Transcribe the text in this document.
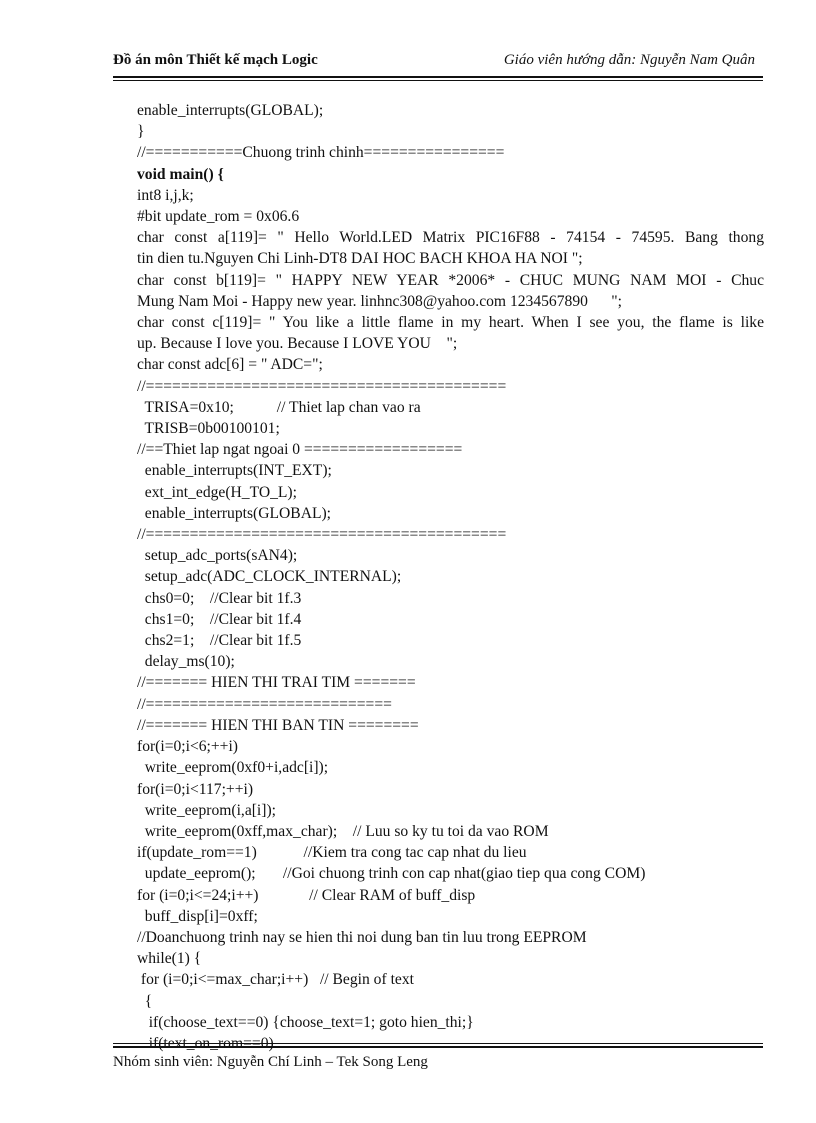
Đồ án môn Thiết kế mạch Logic	Giáo viên hướng dẫn: Nguyễn Nam Quân
enable_interrupts(GLOBAL);
}
//===========Chuong trinh chinh================
void main() {
int8 i,j,k;
#bit update_rom = 0x06.6
char const a[119]= " Hello World.LED Matrix PIC16F88 - 74154 - 74595. Bang thong
tin dien tu.Nguyen Chi Linh-DT8 DAI HOC BACH KHOA HA NOI ";
char const b[119]= " HAPPY NEW YEAR *2006* - CHUC MUNG NAM MOI - Chuc
Mung Nam Moi - Happy new year. linhnc308@yahoo.com 1234567890      ";
char const c[119]= " You like a little flame in my heart. When I see you, the flame is like
up. Because I love you. Because I LOVE YOU    ";
char const adc[6] = " ADC=";
//=========================================
TRISA=0x10;           // Thiet lap chan vao ra
TRISB=0b00100101;
//==Thiet lap ngat ngoai 0 ==================
enable_interrupts(INT_EXT);
ext_int_edge(H_TO_L);
enable_interrupts(GLOBAL);
//=========================================
setup_adc_ports(sAN4);
setup_adc(ADC_CLOCK_INTERNAL);
chs0=0;    //Clear bit 1f.3
chs1=0;    //Clear bit 1f.4
chs2=1;    //Clear bit 1f.5
delay_ms(10);
//======= HIEN THI TRAI TIM =======
//============================
//======= HIEN THI BAN TIN ========
for(i=0;i<6;++i)
write_eeprom(0xf0+i,adc[i]);
for(i=0;i<117;++i)
write_eeprom(i,a[i]);
write_eeprom(0xff,max_char);    // Luu so ky tu toi da vao ROM
if(update_rom==1)            //Kiem tra cong tac cap nhat du lieu
update_eeprom();       //Goi chuong trinh con cap nhat(giao tiep qua cong COM)
for (i=0;i<=24;i++)             // Clear RAM of buff_disp
buff_disp[i]=0xff;
//Doanchuong trinh nay se hien thi noi dung ban tin luu trong EEPROM
while(1) {
for (i=0;i<=max_char;i++)   // Begin of text
{
if(choose_text==0) {choose_text=1; goto hien_thi;}
if(text_on_rom==0)
Nhóm sinh viên: Nguyễn Chí Linh – Tek Song Leng
